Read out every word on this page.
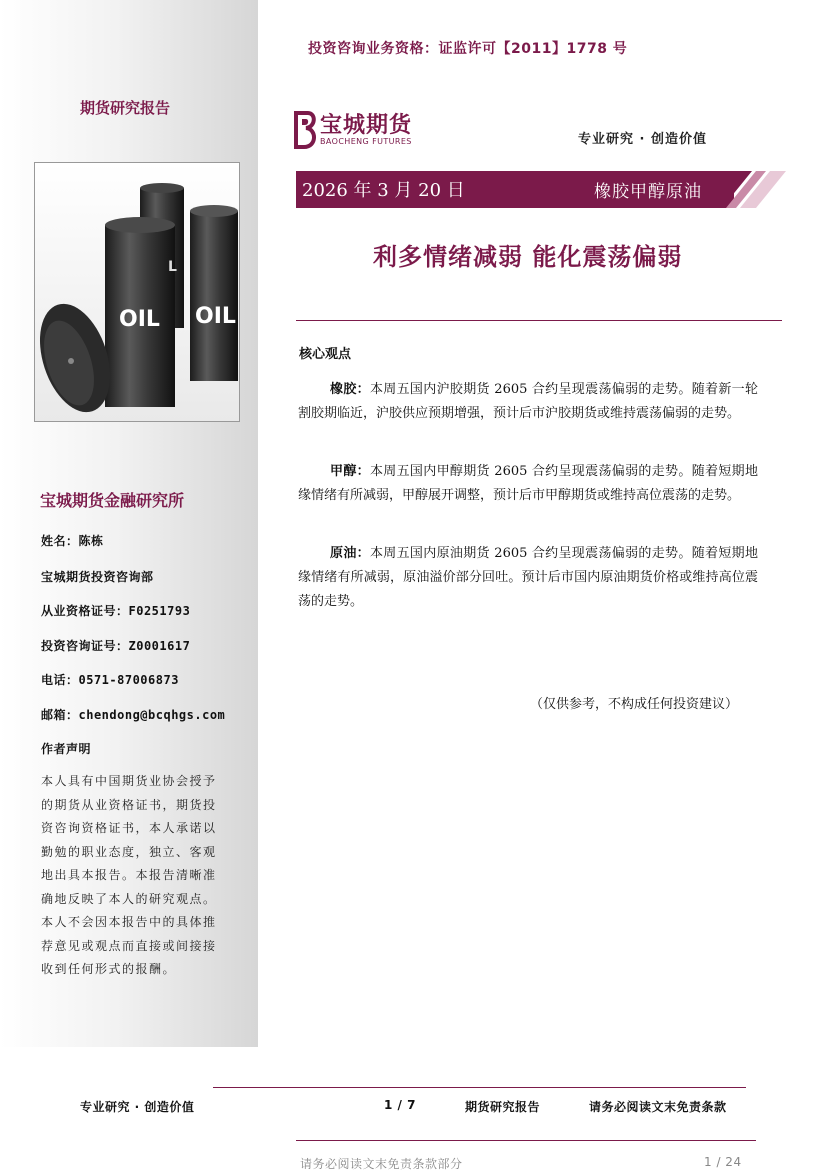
期货研究报告
OIL OIL
L
宝城期货金融研究所
姓名：陈栋
宝城期货投资咨询部
从业资格证号：F0251793
投资咨询证号：Z0001617
电话：0571-87006873
邮箱：chendong@bcqhgs.com
作者声明
本人具有中国期货业协会授予的期货从业资格证书，期货投资咨询资格证书，本人承诺以勤勉的职业态度，独立、客观地出具本报告。本报告清晰准确地反映了本人的研究观点。本人不会因本报告中的具体推荐意见或观点而直接或间接接收到任何形式的报酬。
投资咨询业务资格：证监许可【2011】1778 号
宝城期货
BAOCHENG FUTURES	专业研究 · 创造价值
2026 年 3 月 20 日	橡胶甲醇原油
利多情绪减弱 能化震荡偏弱
核心观点
橡胶：本周五国内沪胶期货 2605 合约呈现震荡偏弱的走势。随着新一轮割胶期临近，沪胶供应预期增强，预计后市沪胶期货或维持震荡偏弱的走势。
甲醇：本周五国内甲醇期货 2605 合约呈现震荡偏弱的走势。随着短期地缘情绪有所减弱，甲醇展开调整，预计后市甲醇期货或维持高位震荡的走势。
原油：本周五国内原油期货 2605 合约呈现震荡偏弱的走势。随着短期地缘情绪有所减弱，原油溢价部分回吐。预计后市国内原油期货价格或维持高位震荡的走势。
（仅供参考，不构成任何投资建议）
专业研究 · 创造价值	1 / 7	期货研究报告	请务必阅读文末免责条款
请务必阅读文末免责条款部分	1 / 24
